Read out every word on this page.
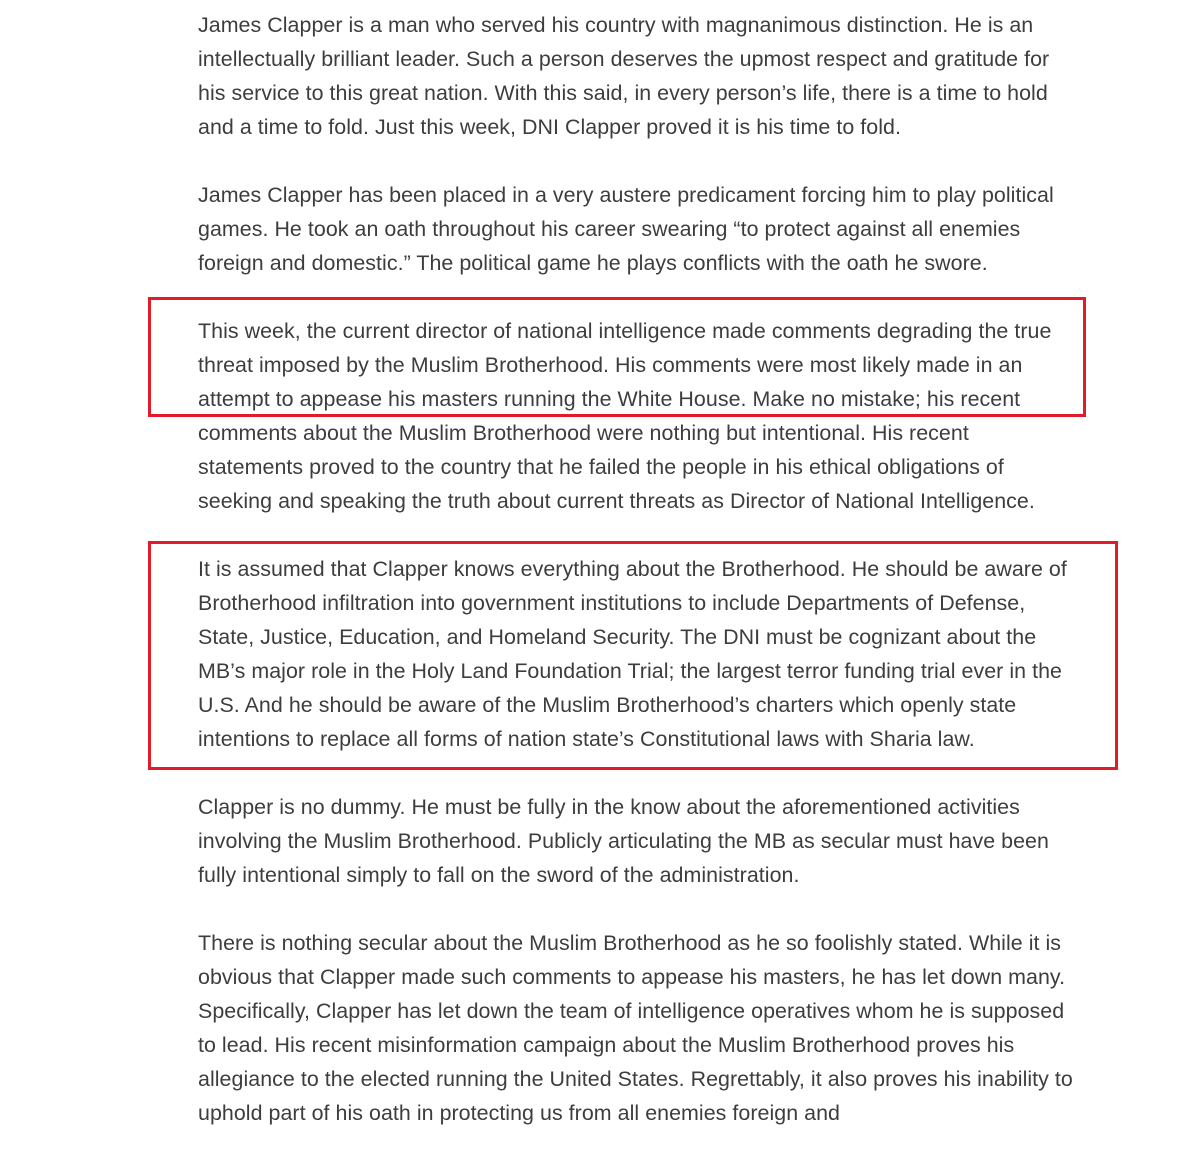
James Clapper is a man who served his country with magnanimous distinction. He is an intellectually brilliant leader. Such a person deserves the upmost respect and gratitude for his service to this great nation. With this said, in every person’s life, there is a time to hold and a time to fold. Just this week, DNI Clapper proved it is his time to fold.

James Clapper has been placed in a very austere predicament forcing him to play political games. He took an oath throughout his career swearing “to protect against all enemies foreign and domestic.” The political game he plays conflicts with the oath he swore.

This week, the current director of national intelligence made comments degrading the true threat imposed by the Muslim Brotherhood. His comments were most likely made in an attempt to appease his masters running the White House. Make no mistake; his recent comments about the Muslim Brotherhood were nothing but intentional. His recent statements proved to the country that he failed the people in his ethical obligations of seeking and speaking the truth about current threats as Director of National Intelligence.

It is assumed that Clapper knows everything about the Brotherhood. He should be aware of Brotherhood infiltration into government institutions to include Departments of Defense, State, Justice, Education, and Homeland Security. The DNI must be cognizant about the MB’s major role in the Holy Land Foundation Trial; the largest terror funding trial ever in the U.S. And he should be aware of the Muslim Brotherhood’s charters which openly state intentions to replace all forms of nation state’s Constitutional laws with Sharia law.

Clapper is no dummy. He must be fully in the know about the aforementioned activities involving the Muslim Brotherhood. Publicly articulating the MB as secular must have been fully intentional simply to fall on the sword of the administration.

There is nothing secular about the Muslim Brotherhood as he so foolishly stated. While it is obvious that Clapper made such comments to appease his masters, he has let down many. Specifically, Clapper has let down the team of intelligence operatives whom he is supposed to lead. His recent misinformation campaign about the Muslim Brotherhood proves his allegiance to the elected running the United States. Regrettably, it also proves his inability to uphold part of his oath in protecting us from all enemies foreign and
